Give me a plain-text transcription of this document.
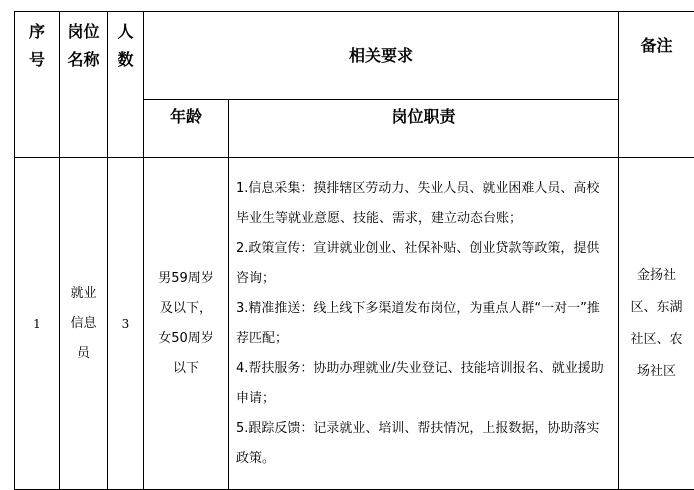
序号	岗位名称	人数	相关要求		备注
			年龄	岗位职责	
1	就业信息员	3	男59周岁及以下，女50周岁以下	1.信息采集：摸排辖区劳动力、失业人员、就业困难人员、高校毕业生等就业意愿、技能、需求，建立动态台账；
2.政策宣传：宣讲就业创业、社保补贴、创业贷款等政策，提供咨询；
3.精准推送：线上线下多渠道发布岗位，为重点人群“一对一”推荐匹配；
4.帮扶服务：协助办理就业/失业登记、技能培训报名、就业援助申请；
5.跟踪反馈：记录就业、培训、帮扶情况，上报数据，协助落实政策。	金扬社区、东湖社区、农场社区
